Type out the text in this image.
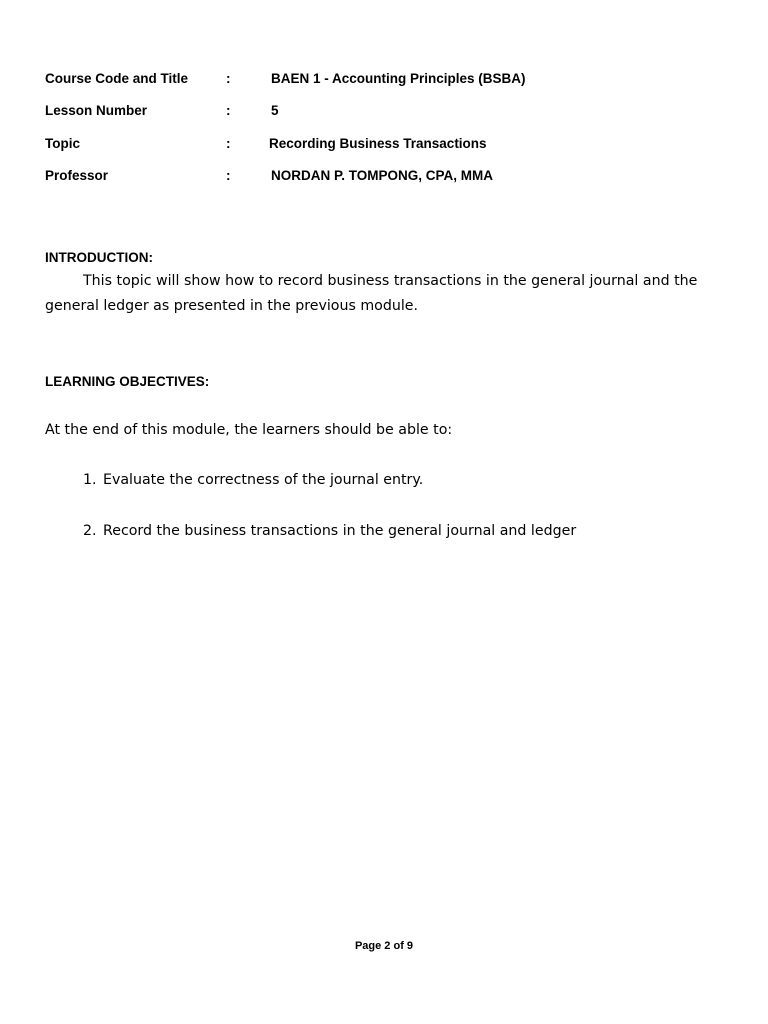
Course Code and Title	:	BAEN 1 - Accounting Principles (BSBA)
Lesson Number	:	5
Topic	:	Recording Business Transactions
Professor	:	NORDAN P. TOMPONG, CPA, MMA
INTRODUCTION:

This topic will show how to record business transactions in the general journal and the general ledger as presented in the previous module.

LEARNING OBJECTIVES:

At the end of this module, the learners should be able to:

1. Evaluate the correctness of the journal entry.
2. Record the business transactions in the general journal and ledger
Page 2 of 9
